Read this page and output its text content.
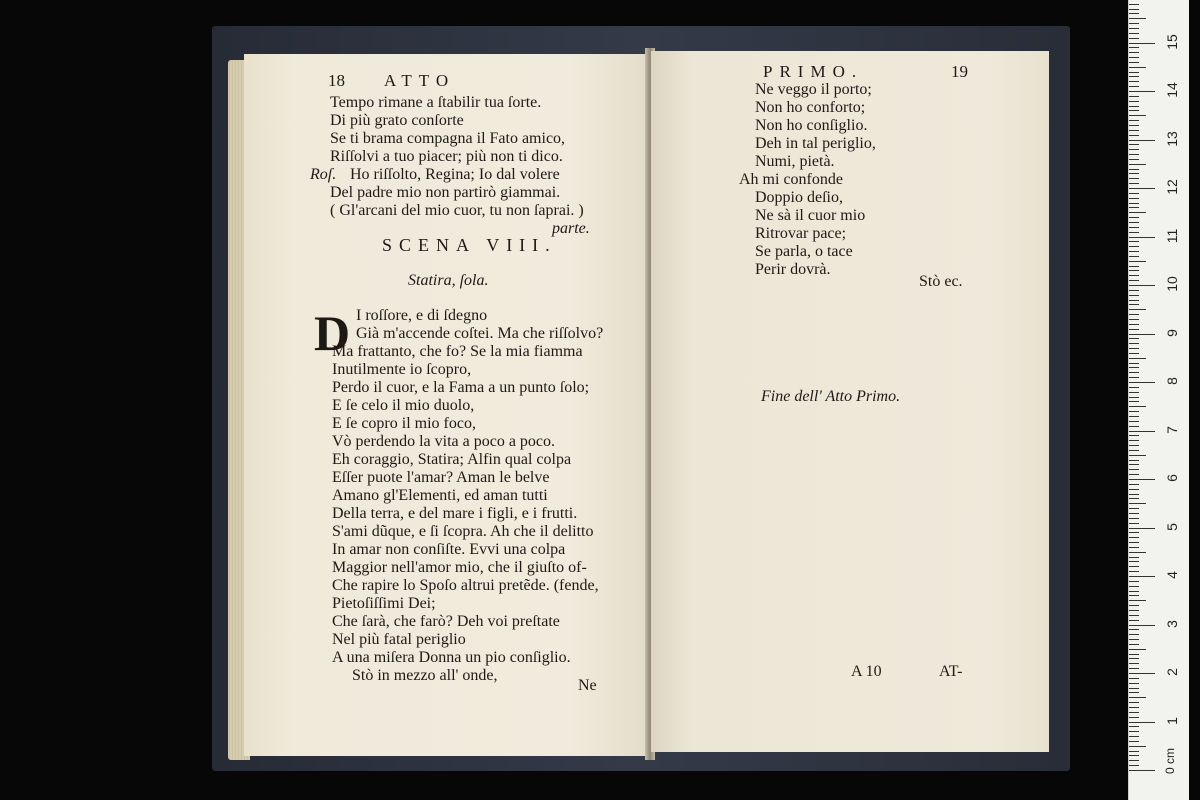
18 ATTO
Tempo rimane a ſtabilir tua ſorte.
Di più grato conſorte
Se ti brama compagna il Fato amico,
Riſſolvi a tuo piacer; più non ti dico.
Roſ. Ho riſſolto, Regina; Io dal volere
Del padre mio non partirò giammai.
( Gl'arcani del mio cuor, tu non ſaprai. )
parte.
SCENA VIII.
Statira, ſola.
D I roſſore, e di ſdegno
Già m'accende coſtei. Ma che riſſolvo?
Ma frattanto, che fo? Se la mia fiamma
Inutilmente io ſcopro,
Perdo il cuor, e la Fama a un punto ſolo;
E ſe celo il mio duolo,
E ſe copro il mio foco,
Vò perdendo la vita a poco a poco.
Eh coraggio, Statira; Alfin qual colpa
Eſſer puote l'amar? Aman le belve
Amano gl'Elementi, ed aman tutti
Della terra, e del mare i figli, e i frutti.
S'ami dũque, e ſi ſcopra. Ah che il delitto
In amar non conſiſte. Evvi una colpa
Maggior nell'amor mio, che il giuſto of-
Che rapire lo Spoſo altrui pretẽde. (fende,
Pietoſiſſimi Dei;
Che ſarà, che farò? Deh voi preſtate
Nel più fatal periglio
A una miſera Donna un pio conſiglio.
Stò in mezzo all' onde,
Ne
PRIMO.	19
Ne veggo il porto;
Non ho conforto;
Non ho conſiglio.
Deh in tal periglio,
Numi, pietà.
Ah mi confonde
Doppio deſio,
Ne sà il cuor mio
Ritrovar pace;
Se parla, o tace
Perir dovrà.
Stò ec.
Fine dell' Atto Primo.
A 10	AT-
0 cm
1
2
3
4
5
6
7
8
9
10
11
12
13
14
15
